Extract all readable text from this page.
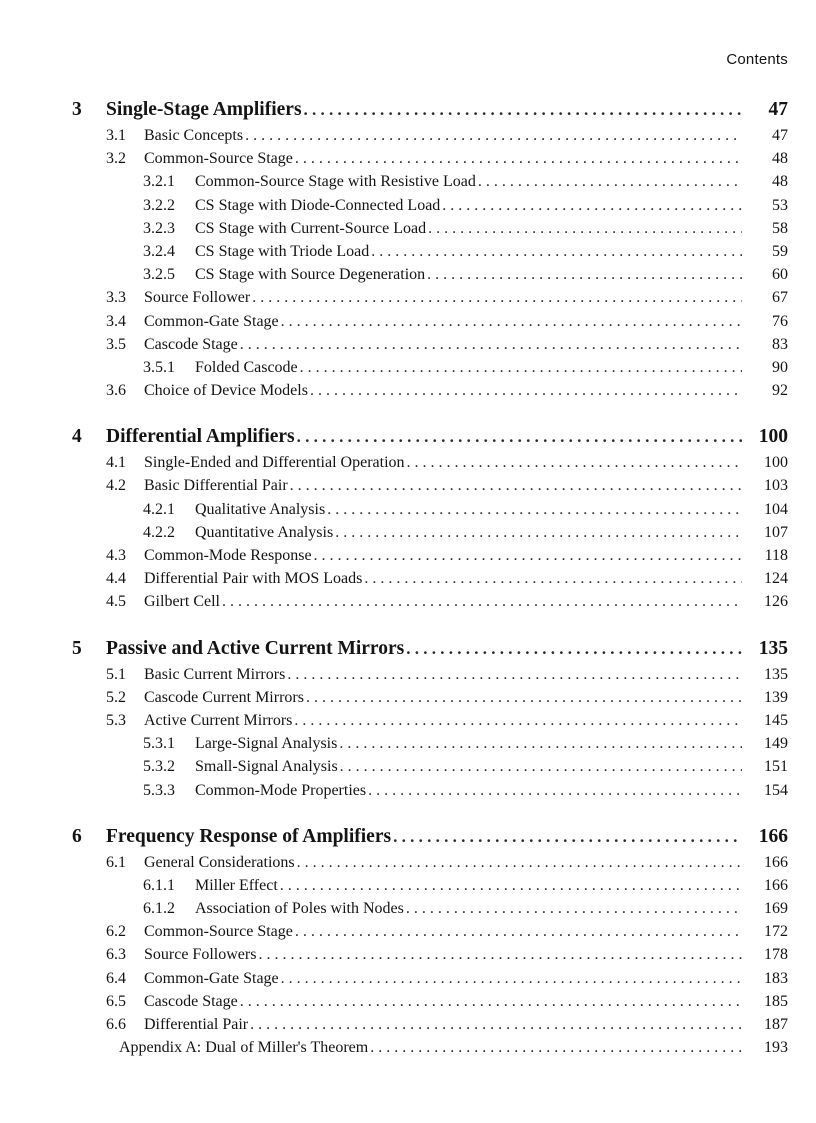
Contents
3	Single-Stage Amplifiers . . .	47
3.1	Basic Concepts . . .	47
3.2	Common-Source Stage . . .	48
3.2.1	Common-Source Stage with Resistive Load . . .	48
3.2.2	CS Stage with Diode-Connected Load . . .	53
3.2.3	CS Stage with Current-Source Load . . .	58
3.2.4	CS Stage with Triode Load . . .	59
3.2.5	CS Stage with Source Degeneration . . .	60
3.3	Source Follower . . .	67
3.4	Common-Gate Stage . . .	76
3.5	Cascode Stage . . .	83
3.5.1	Folded Cascode . . .	90
3.6	Choice of Device Models . . .	92
4	Differential Amplifiers . . .	100
4.1	Single-Ended and Differential Operation . . .	100
4.2	Basic Differential Pair . . .	103
4.2.1	Qualitative Analysis . . .	104
4.2.2	Quantitative Analysis . . .	107
4.3	Common-Mode Response . . .	118
4.4	Differential Pair with MOS Loads . . .	124
4.5	Gilbert Cell . . .	126
5	Passive and Active Current Mirrors . . .	135
5.1	Basic Current Mirrors . . .	135
5.2	Cascode Current Mirrors . . .	139
5.3	Active Current Mirrors . . .	145
5.3.1	Large-Signal Analysis . . .	149
5.3.2	Small-Signal Analysis . . .	151
5.3.3	Common-Mode Properties . . .	154
6	Frequency Response of Amplifiers . . .	166
6.1	General Considerations . . .	166
6.1.1	Miller Effect . . .	166
6.1.2	Association of Poles with Nodes . . .	169
6.2	Common-Source Stage . . .	172
6.3	Source Followers . . .	178
6.4	Common-Gate Stage . . .	183
6.5	Cascode Stage . . .	185
6.6	Differential Pair . . .	187
Appendix A: Dual of Miller's Theorem . . .	193
